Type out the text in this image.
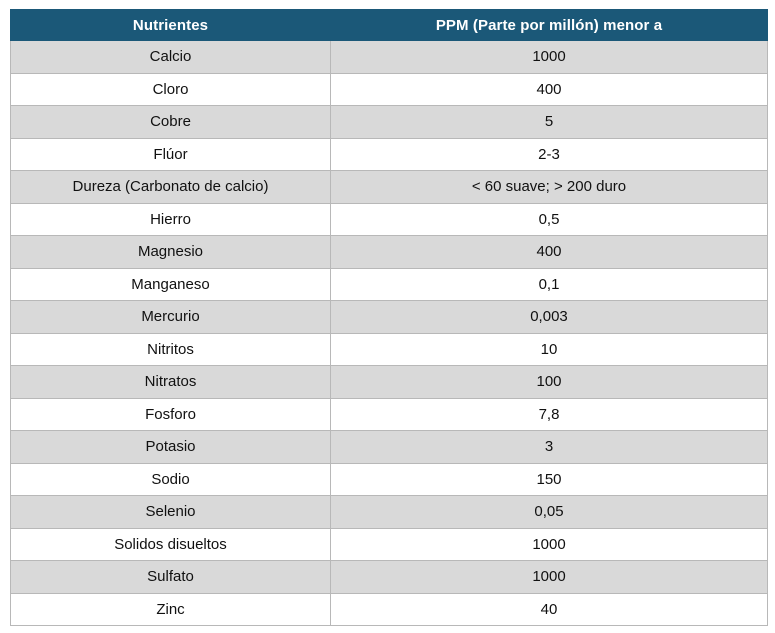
Nutrientes	PPM (Parte por millón) menor a
Calcio	1000
Cloro	400
Cobre	5
Flúor	2-3
Dureza (Carbonato de calcio)	< 60 suave; > 200 duro
Hierro	0,5
Magnesio	400
Manganeso	0,1
Mercurio	0,003
Nitritos	10
Nitratos	100
Fosforo	7,8
Potasio	3
Sodio	150
Selenio	0,05
Solidos disueltos	1000
Sulfato	1000
Zinc	40
